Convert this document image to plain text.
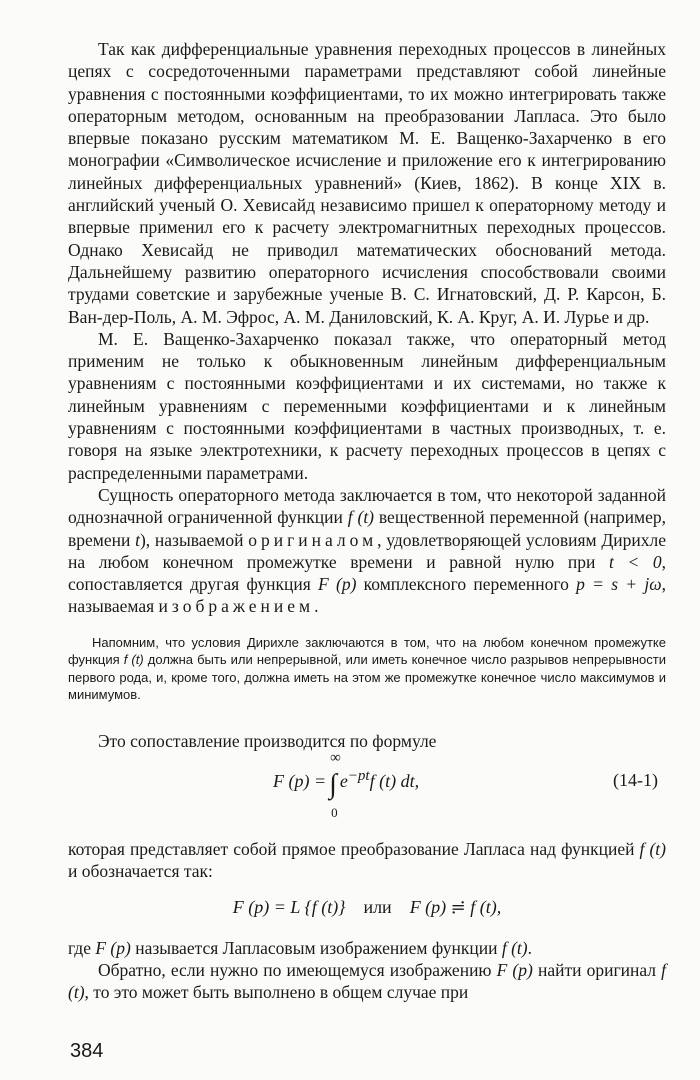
Так как дифференциальные уравнения переходных процессов в линейных цепях с сосредоточенными параметрами представляют собой линейные уравнения с постоянными коэффициентами, то их можно интегрировать также операторным методом, основанным на преобразовании Лапласа. Это было впервые показано русским математиком М. Е. Ващенко-Захарченко в его монографии «Символическое исчисление и приложение его к интегрированию линейных дифференциальных уравнений» (Киев, 1862). В конце XIX в. английский ученый О. Хевисайд независимо пришел к операторному методу и впервые применил его к расчету электромагнитных переходных процессов. Однако Хевисайд не приводил математических обоснований метода. Дальнейшему развитию операторного исчисления способствовали своими трудами советские и зарубежные ученые В. С. Игнатовский, Д. Р. Карсон, Б. Ван-дер-Поль, А. М. Эфрос, А. М. Даниловский, К. А. Круг, А. И. Лурье и др.

М. Е. Ващенко-Захарченко показал также, что операторный метод применим не только к обыкновенным линейным дифференциальным уравнениям с постоянными коэффициентами и их системами, но также к линейным уравнениям с переменными коэффициентами и к линейным уравнениям с постоянными коэффициентами в частных производных, т. е. говоря на языке электротехники, к расчету переходных процессов в цепях с распределенными параметрами.

Сущность операторного метода заключается в том, что некоторой заданной однозначной ограниченной функции f (t) вещественной переменной (например, времени t), называемой оригиналом, удовлетворяющей условиям Дирихле на любом конечном промежутке времени и равной нулю при t < 0, сопоставляется другая функция F (p) комплексного переменного p = s + jω, называемая изображением.

Напомним, что условия Дирихле заключаются в том, что на любом конечном промежутке функция f (t) должна быть или непрерывной, или иметь конечное число разрывов непрерывности первого рода, и, кроме того, должна иметь на этом же промежутке конечное число максимумов и минимумов.

Это сопоставление производится по формуле

F (p) = ∫
∞
0
$e^{-pt}f$ (t) dt,	(14-1)

которая представляет собой прямое преобразование Лапласа над функцией f (t) и обозначается так:

F (p) = L {f (t)} или F (p) ≓ f (t),

где F (p) называется Лапласовым изображением функции f (t).

Обратно, если нужно по имеющемуся изображению F (p) найти оригинал f (t), то это может быть выполнено в общем случае при

384
